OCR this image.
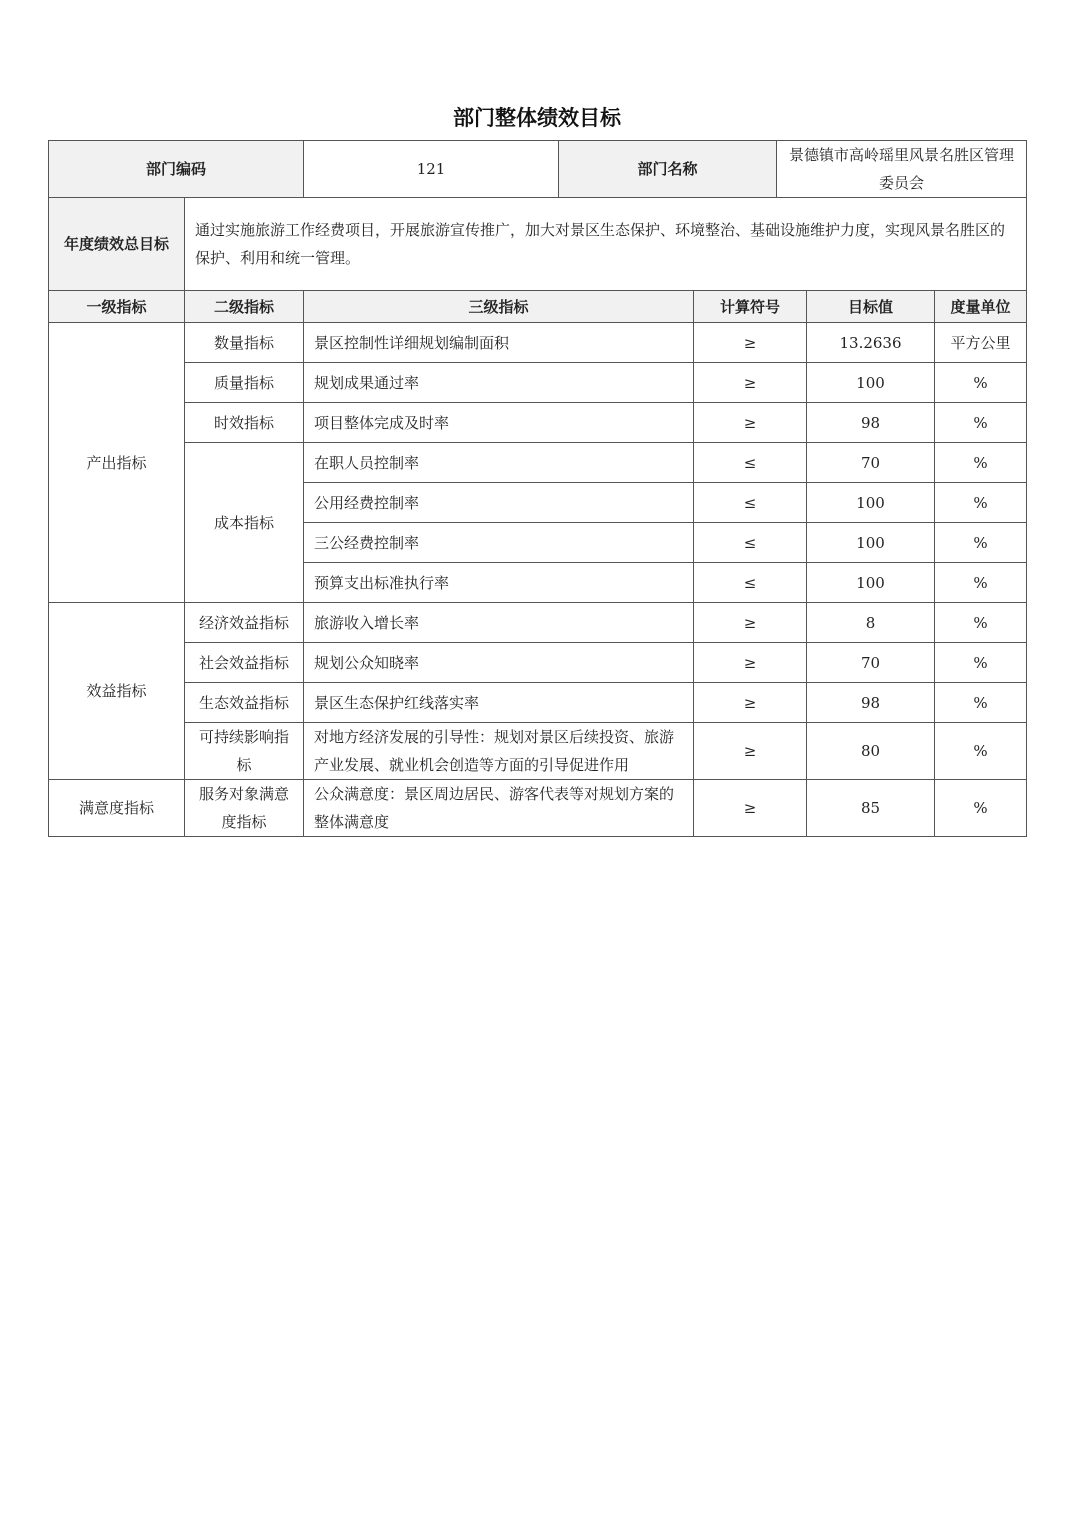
部门整体绩效目标
部门编码	121	部门名称	景德镇市高岭瑶里风景名胜区管理委员会
年度绩效总目标	通过实施旅游工作经费项目，开展旅游宣传推广，加大对景区生态保护、环境整治、基础设施维护力度，实现风景名胜区的保护、利用和统一管理。				
一级指标	二级指标	三级指标	计算符号	目标值	度量单位
产出指标	数量指标	景区控制性详细规划编制面积	≥	13.2636	平方公里
	质量指标	规划成果通过率	≥	100	%
	时效指标	项目整体完成及时率	≥	98	%
	成本指标	在职人员控制率	≤	70	%
		公用经费控制率	≤	100	%
		三公经费控制率	≤	100	%
		预算支出标准执行率	≤	100	%
效益指标	经济效益指标	旅游收入增长率	≥	8	%
	社会效益指标	规划公众知晓率	≥	70	%
	生态效益指标	景区生态保护红线落实率	≥	98	%
	可持续影响指标	对地方经济发展的引导性：规划对景区后续投资、旅游产业发展、就业机会创造等方面的引导促进作用	≥	80	%
满意度指标	服务对象满意度指标	公众满意度：景区周边居民、游客代表等对规划方案的整体满意度	≥	85	%
